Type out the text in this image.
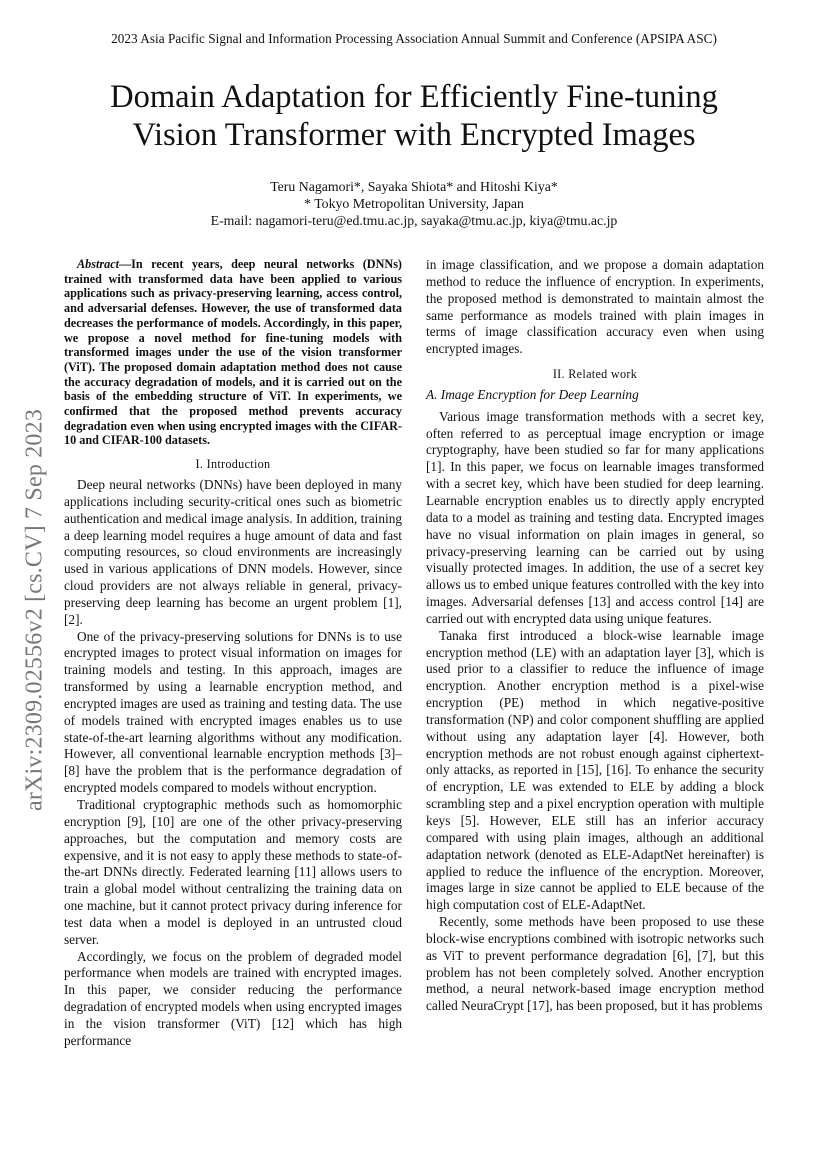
2023 Asia Pacific Signal and Information Processing Association Annual Summit and Conference (APSIPA ASC)
Domain Adaptation for Efficiently Fine-tuning
Vision Transformer with Encrypted Images
Teru Nagamori*, Sayaka Shiota* and Hitoshi Kiya*
* Tokyo Metropolitan University, Japan
E-mail: nagamori-teru@ed.tmu.ac.jp, sayaka@tmu.ac.jp, kiya@tmu.ac.jp
arXiv:2309.02556v2 [cs.CV] 7 Sep 2023

Abstract—In recent years, deep neural networks (DNNs) trained with transformed data have been applied to various applications such as privacy-preserving learning, access control, and adversarial defenses. However, the use of transformed data decreases the performance of models. Accordingly, in this paper, we propose a novel method for fine-tuning models with transformed images under the use of the vision transformer (ViT). The proposed domain adaptation method does not cause the accuracy degradation of models, and it is carried out on the basis of the embedding structure of ViT. In experiments, we confirmed that the proposed method prevents accuracy degradation even when using encrypted images with the CIFAR-10 and CIFAR-100 datasets.

I. Introduction

Deep neural networks (DNNs) have been deployed in many applications including security-critical ones such as biometric authentication and medical image analysis. In addition, training a deep learning model requires a huge amount of data and fast computing resources, so cloud environments are increasingly used in various applications of DNN models. However, since cloud providers are not always reliable in general, privacy-preserving deep learning has become an urgent problem [1], [2].

One of the privacy-preserving solutions for DNNs is to use encrypted images to protect visual information on images for training models and testing. In this approach, images are transformed by using a learnable encryption method, and encrypted images are used as training and testing data. The use of models trained with encrypted images enables us to use state-of-the-art learning algorithms without any modification. However, all conventional learnable encryption methods [3]–[8] have the problem that is the performance degradation of encrypted models compared to models without encryption.

Traditional cryptographic methods such as homomorphic encryption [9], [10] are one of the other privacy-preserving approaches, but the computation and memory costs are expensive, and it is not easy to apply these methods to state-of-the-art DNNs directly. Federated learning [11] allows users to train a global model without centralizing the training data on one machine, but it cannot protect privacy during inference for test data when a model is deployed in an untrusted cloud server.

Accordingly, we focus on the problem of degraded model performance when models are trained with encrypted images. In this paper, we consider reducing the performance degradation of encrypted models when using encrypted images in the vision transformer (ViT) [12] which has high performance

in image classification, and we propose a domain adaptation method to reduce the influence of encryption. In experiments, the proposed method is demonstrated to maintain almost the same performance as models trained with plain images in terms of image classification accuracy even when using encrypted images.

II. Related work
A. Image Encryption for Deep Learning

Various image transformation methods with a secret key, often referred to as perceptual image encryption or image cryptography, have been studied so far for many applications [1]. In this paper, we focus on learnable images transformed with a secret key, which have been studied for deep learning. Learnable encryption enables us to directly apply encrypted data to a model as training and testing data. Encrypted images have no visual information on plain images in general, so privacy-preserving learning can be carried out by using visually protected images. In addition, the use of a secret key allows us to embed unique features controlled with the key into images. Adversarial defenses [13] and access control [14] are carried out with encrypted data using unique features.

Tanaka first introduced a block-wise learnable image encryption method (LE) with an adaptation layer [3], which is used prior to a classifier to reduce the influence of image encryption. Another encryption method is a pixel-wise encryption (PE) method in which negative-positive transformation (NP) and color component shuffling are applied without using any adaptation layer [4]. However, both encryption methods are not robust enough against ciphertext-only attacks, as reported in [15], [16]. To enhance the security of encryption, LE was extended to ELE by adding a block scrambling step and a pixel encryption operation with multiple keys [5]. However, ELE still has an inferior accuracy compared with using plain images, although an additional adaptation network (denoted as ELE-AdaptNet hereinafter) is applied to reduce the influence of the encryption. Moreover, images large in size cannot be applied to ELE because of the high computation cost of ELE-AdaptNet.

Recently, some methods have been proposed to use these block-wise encryptions combined with isotropic networks such as ViT to prevent performance degradation [6], [7], but this problem has not been completely solved. Another encryption method, a neural network-based image encryption method called NeuraCrypt [17], has been proposed, but it has problems
